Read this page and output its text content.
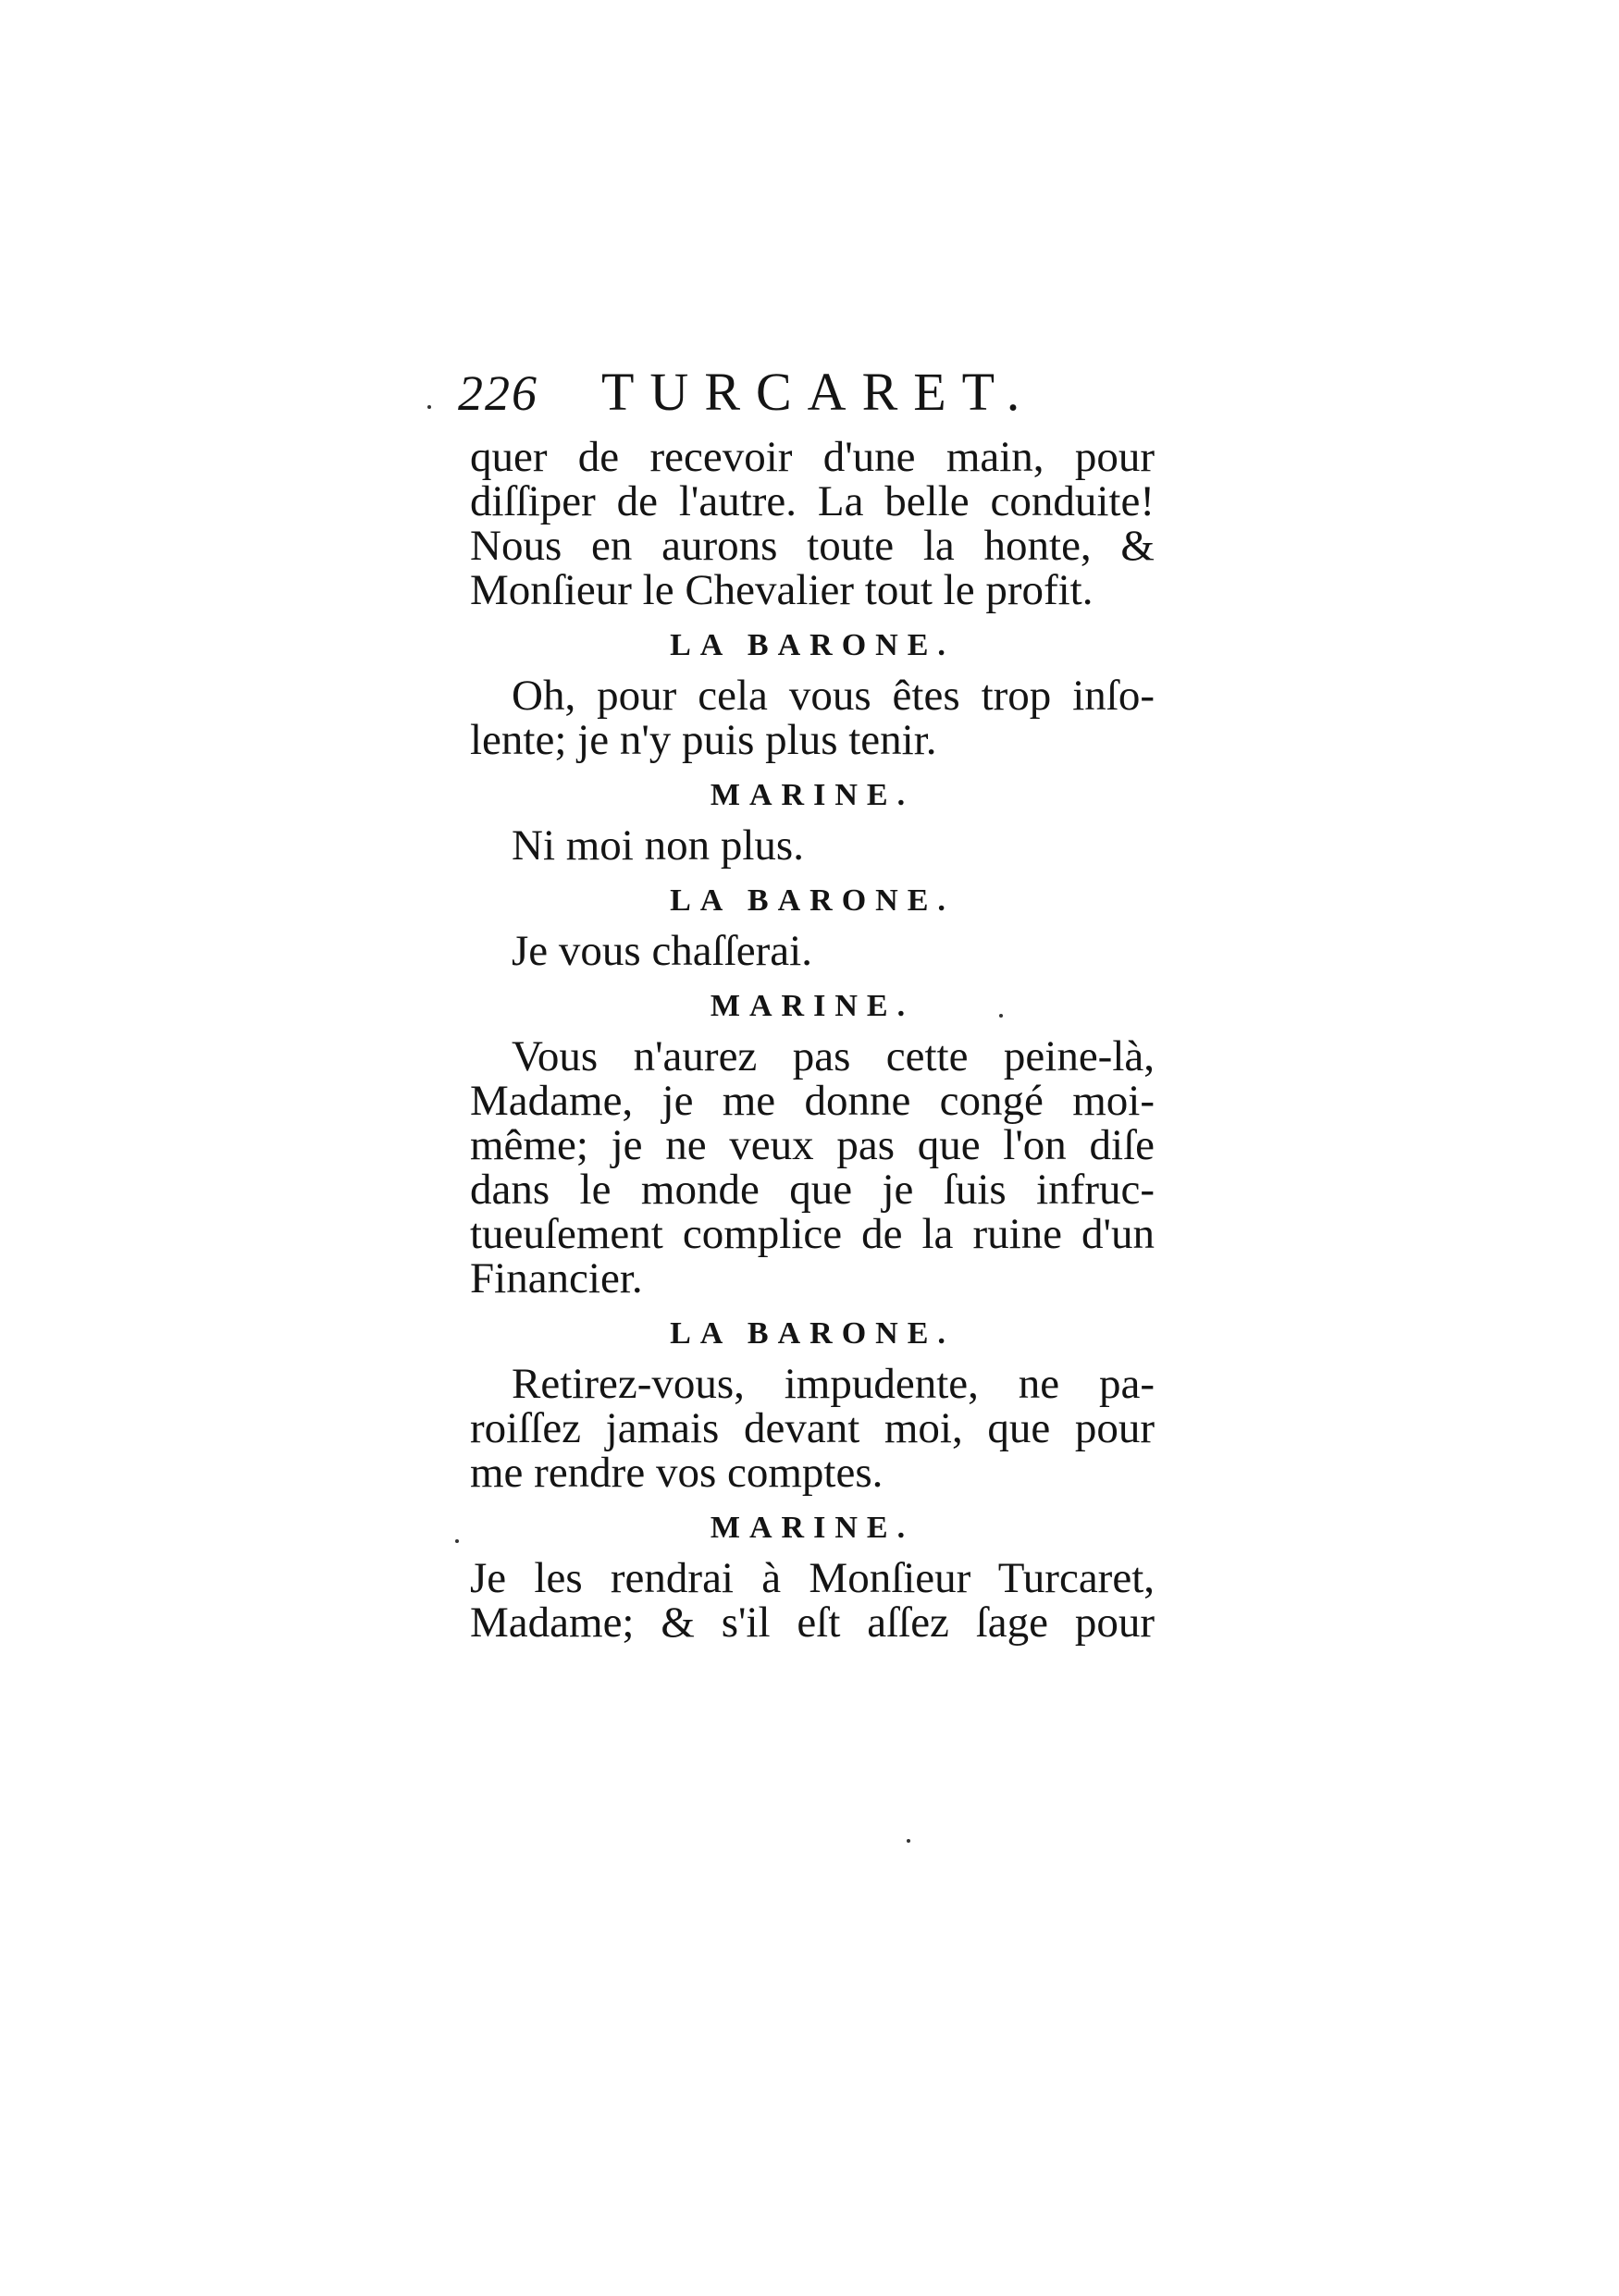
226 TURCARET.
quer de recevoir d'une main, pour
diſſiper de l'autre. La belle conduite!
Nous en aurons toute la honte, &
Monſieur le Chevalier tout le profit.
LA BARONE.
Oh, pour cela vous êtes trop inſo-
lente; je n'y puis plus tenir.
MARINE.
Ni moi non plus.
LA BARONE.
Je vous chaſſerai.
MARINE.
Vous n'aurez pas cette peine-là,
Madame, je me donne congé moi-
même; je ne veux pas que l'on diſe
dans le monde que je ſuis infruc-
tueuſement complice de la ruine d'un
Financier.
LA BARONE.
Retirez-vous, impudente, ne pa-
roiſſez jamais devant moi, que pour
me rendre vos comptes.
MARINE.
Je les rendrai à Monſieur Turcaret,
Madame; & s'il eſt aſſez ſage pour
